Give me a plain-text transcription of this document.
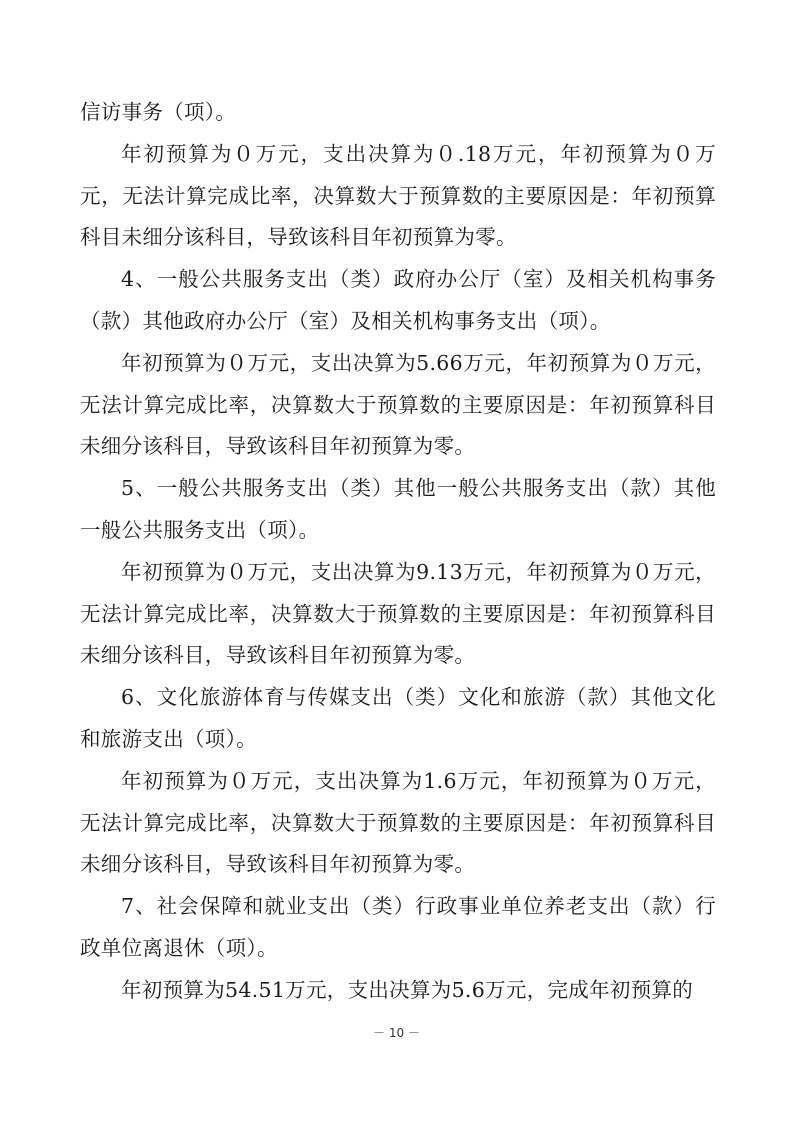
信访事务（项）。

年初预算为０万元，支出决算为０.18万元，年初预算为０万元，无法计算完成比率，决算数大于预算数的主要原因是：年初预算科目未细分该科目，导致该科目年初预算为零。

4、一般公共服务支出（类）政府办公厅（室）及相关机构事务（款）其他政府办公厅（室）及相关机构事务支出（项）。

年初预算为０万元，支出决算为5.66万元，年初预算为０万元，无法计算完成比率，决算数大于预算数的主要原因是：年初预算科目未细分该科目，导致该科目年初预算为零。

5、一般公共服务支出（类）其他一般公共服务支出（款）其他一般公共服务支出（项）。

年初预算为０万元，支出决算为9.13万元，年初预算为０万元，无法计算完成比率，决算数大于预算数的主要原因是：年初预算科目未细分该科目，导致该科目年初预算为零。

6、文化旅游体育与传媒支出（类）文化和旅游（款）其他文化和旅游支出（项）。

年初预算为０万元，支出决算为1.6万元，年初预算为０万元，无法计算完成比率，决算数大于预算数的主要原因是：年初预算科目未细分该科目，导致该科目年初预算为零。

7、社会保障和就业支出（类）行政事业单位养老支出（款）行政单位离退休（项）。

年初预算为54.51万元，支出决算为5.6万元，完成年初预算的

－ 10 －
